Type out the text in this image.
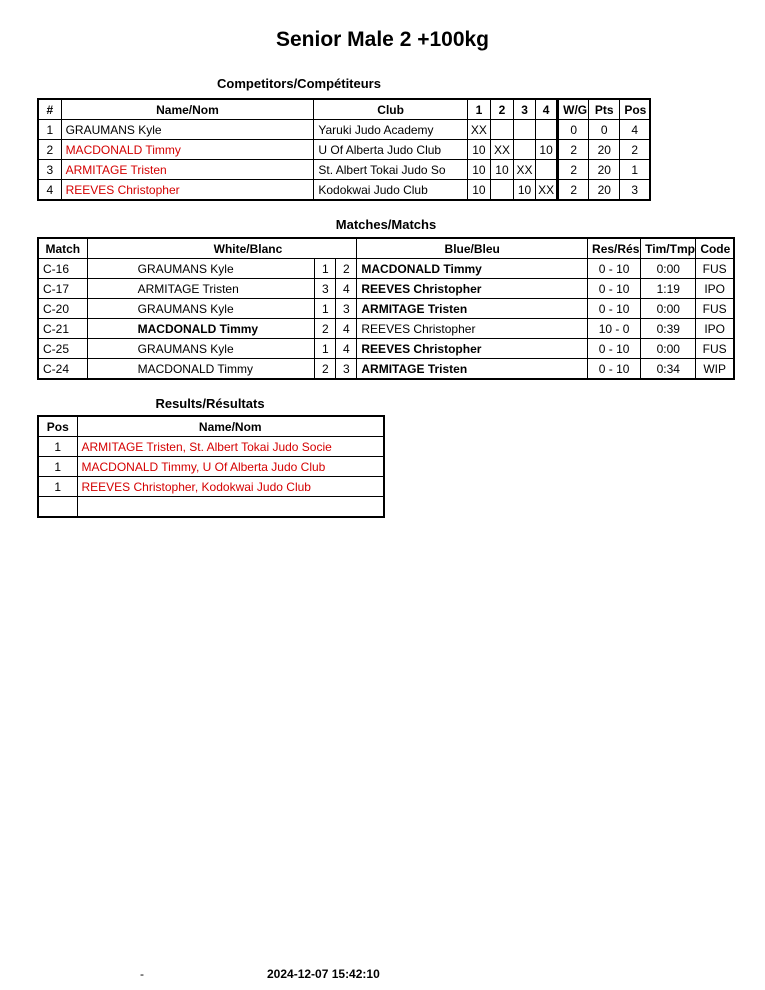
Senior Male 2 +100kg
Competitors/Compétiteurs
#	Name/Nom	Club	1	2	3	4	W/G	Pts	Pos
1	GRAUMANS Kyle	Yaruki Judo Academy	XX				0	0	4
2	MACDONALD Timmy	U Of Alberta Judo Club	10	XX		10	2	20	2
3	ARMITAGE Tristen	St. Albert Tokai Judo So	10	10	XX		2	20	1
4	REEVES Christopher	Kodokwai Judo Club	10		10	XX	2	20	3
Matches/Matchs
Match	White/Blanc			Blue/Bleu	Res/Rés	Tim/Tmp	Code
C-16	GRAUMANS Kyle	1	2	MACDONALD Timmy	0 - 10	0:00	FUS
C-17	ARMITAGE Tristen	3	4	REEVES Christopher	0 - 10	1:19	IPO
C-20	GRAUMANS Kyle	1	3	ARMITAGE Tristen	0 - 10	0:00	FUS
C-21	MACDONALD Timmy	2	4	REEVES Christopher	10 - 0	0:39	IPO
C-25	GRAUMANS Kyle	1	4	REEVES Christopher	0 - 10	0:00	FUS
C-24	MACDONALD Timmy	2	3	ARMITAGE Tristen	0 - 10	0:34	WIP
Results/Résultats
Pos	Name/Nom
1	ARMITAGE Tristen, St. Albert Tokai Judo Socie
1	MACDONALD Timmy, U Of Alberta Judo Club
1	REEVES Christopher, Kodokwai Judo Club

-	2024-12-07 15:42:10
